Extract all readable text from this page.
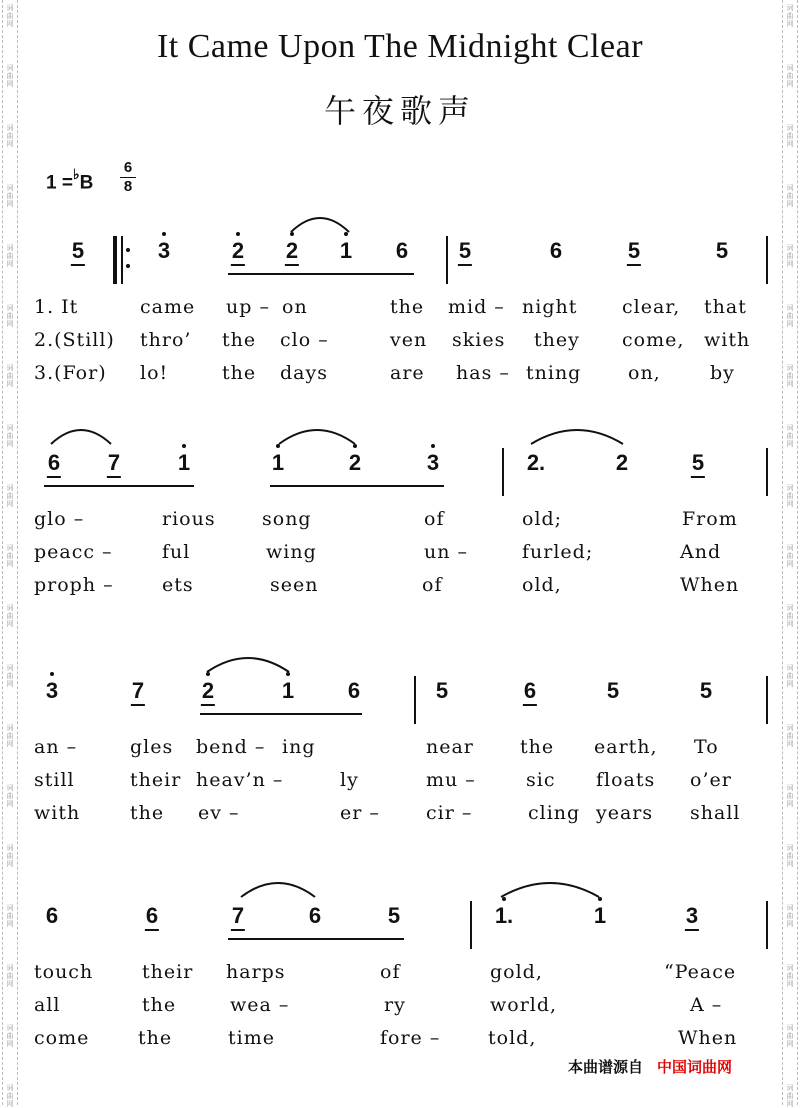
词
曲
网
词
曲
网
词
曲
网
词
曲
网
词
曲
网
词
曲
网
词
曲
网
词
曲
网
词
曲
网
词
曲
网
词
曲
网
词
曲
网
词
曲
网
词
曲
网
词
曲
网
词
曲
网
词
曲
网
词
曲
网
词
曲
网
词
曲
网
词
曲
网
词
曲
网
词
曲
网
词
曲
网
词
曲
网
词
曲
网
词
曲
网
词
曲
网
词
曲
网
词
曲
网
词
曲
网
词
曲
网
词
曲
网
词
曲
网
词
曲
网
词
曲
网
词
曲
网
词
曲
网
It Came Upon The Midnight Clear
午夜歌声
1 =♭B
6
8
本曲谱源自 中国词曲网
5	3	2 2 1 6 5	6	5	5
1. It	came up – on	the mid – night clear, that
2.(Still) thro’ the clo –	ven skies they come, with
3.(For) lo!	the days	are has – tning on,	by
6 7	1	1	2	3	2.	2	5
glo –	rious song	of	old;	From
peacc –	ful	wing	un –	furled;	And
proph –	ets	seen	of	old,	When
3	7	2	1 6	5	6	5	5
an –	gles bend – ing	near the earth, To
still	their heav’n –	ly	mu –	sic floats o’er
with	the ev –	er – cir –	cling years shall
6	6	7	6	5	1.	1	3
touch	their harps	of	gold,	“Peace
all	the	wea –	ry	world,	A –
come	the	time	fore –	told,	When
